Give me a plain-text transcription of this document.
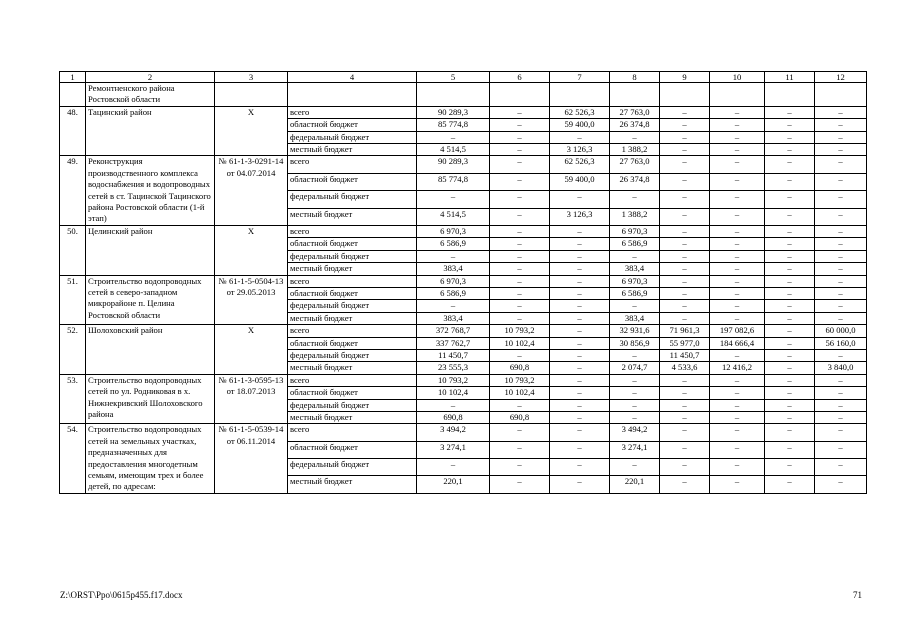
1	2	3	4	5	6	7	8	9	10	11	12
	Ремонтненского района Ростовской области										
48.	Тацинский район	Х	всего	90 289,3	–	62 526,3	27 763,0	–	–	–	–
			областной бюджет	85 774,8	–	59 400,0	26 374,8	–	–	–	–
			федеральный бюджет	–	–	–	–	–	–	–	–
			местный бюджет	4 514,5	–	3 126,3	1 388,2	–	–	–	–
49.	Реконструкция производственного комплекса водоснабжения и водопроводных сетей в ст. Тацинской Тацинского района Ростовской области (1-й этап)	№ 61-1-3-0291-14 от 04.07.2014	всего	90 289,3	–	62 526,3	27 763,0	–	–	–	–
			областной бюджет	85 774,8	–	59 400,0	26 374,8	–	–	–	–
			федеральный бюджет	–	–	–	–	–	–	–	–
			местный бюджет	4 514,5	–	3 126,3	1 388,2	–	–	–	–
50.	Целинский район	Х	всего	6 970,3	–	–	6 970,3	–	–	–	–
			областной бюджет	6 586,9	–	–	6 586,9	–	–	–	–
			федеральный бюджет	–	–	–	–	–	–	–	–
			местный бюджет	383,4	–	–	383,4	–	–	–	–
51.	Строительство водопроводных сетей в северо-западном микрорайоне п. Целина Ростовской области	№ 61-1-5-0504-13 от 29.05.2013	всего	6 970,3	–	–	6 970,3	–	–	–	–
			областной бюджет	6 586,9	–	–	6 586,9	–	–	–	–
			федеральный бюджет	–	–	–	–	–	–	–	–
			местный бюджет	383,4	–	–	383,4	–	–	–	–
52.	Шолоховский район	Х	всего	372 768,7	10 793,2	–	32 931,6	71 961,3	197 082,6	–	60 000,0
			областной бюджет	337 762,7	10 102,4	–	30 856,9	55 977,0	184 666,4	–	56 160,0
			федеральный бюджет	11 450,7	–	–	–	11 450,7	–	–	–
			местный бюджет	23 555,3	690,8	–	2 074,7	4 533,6	12 416,2	–	3 840,0
53.	Строительство водопроводных сетей по ул. Родниковая в х. Нижнекривский Шолоховского района	№ 61-1-3-0595-13 от 18.07.2013	всего	10 793,2	10 793,2	–	–	–	–	–	–
			областной бюджет	10 102,4	10 102,4	–	–	–	–	–	–
			федеральный бюджет	–	–	–	–	–	–	–	–
			местный бюджет	690,8	690,8	–	–	–	–	–	–
54.	Строительство водопроводных сетей на земельных участках, предназначенных для предоставления многодетным семьям, имеющим трех и более детей, по адресам:	№ 61-1-5-0539-14 от 06.11.2014	всего	3 494,2	–	–	3 494,2	–	–	–	–
			областной бюджет	3 274,1	–	–	3 274,1	–	–	–	–
			федеральный бюджет	–	–	–	–	–	–	–	–
			местный бюджет	220,1	–	–	220,1	–	–	–	–
Z:\ORST\Ppo\0615p455.f17.docx	71
